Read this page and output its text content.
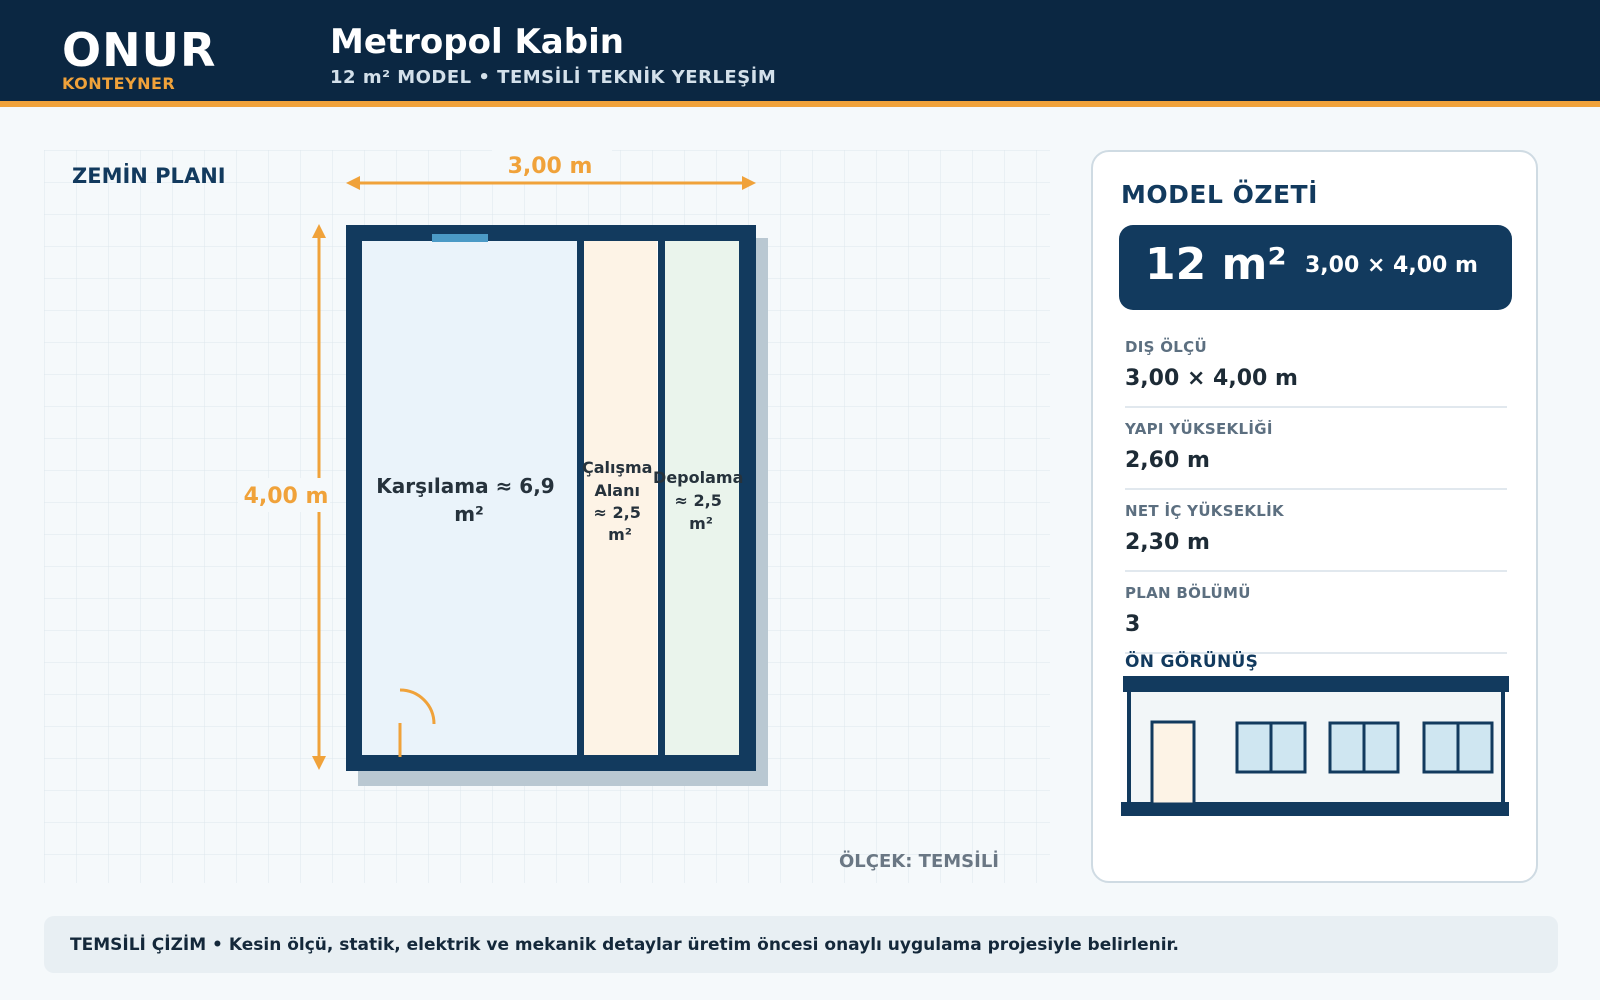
ONUR
KONTEYNER
Metropol Kabin
12 m² MODEL • TEMSİLİ TEKNİK YERLEŞİM
ZEMİN PLANI	3,00 m
4,00 m Karşılama ≈ 6,9 m²
Çalışma Alanı ≈ 2,5 m²
Depolama ≈ 2,5 m²
ÖLÇEK: TEMSİLİ
MODEL ÖZETİ
12 m² 3,00 × 4,00 m
DIŞ ÖLÇÜ
3,00 × 4,00 m
YAPI YÜKSEKLİĞİ
2,60 m
NET İÇ YÜKSEKLİK
2,30 m
PLAN BÖLÜMÜ
3
ÖN GÖRÜNÜŞ
TEMSİLİ ÇİZİM • Kesin ölçü, statik, elektrik ve mekanik detaylar üretim öncesi onaylı uygulama projesiyle belirlenir.
